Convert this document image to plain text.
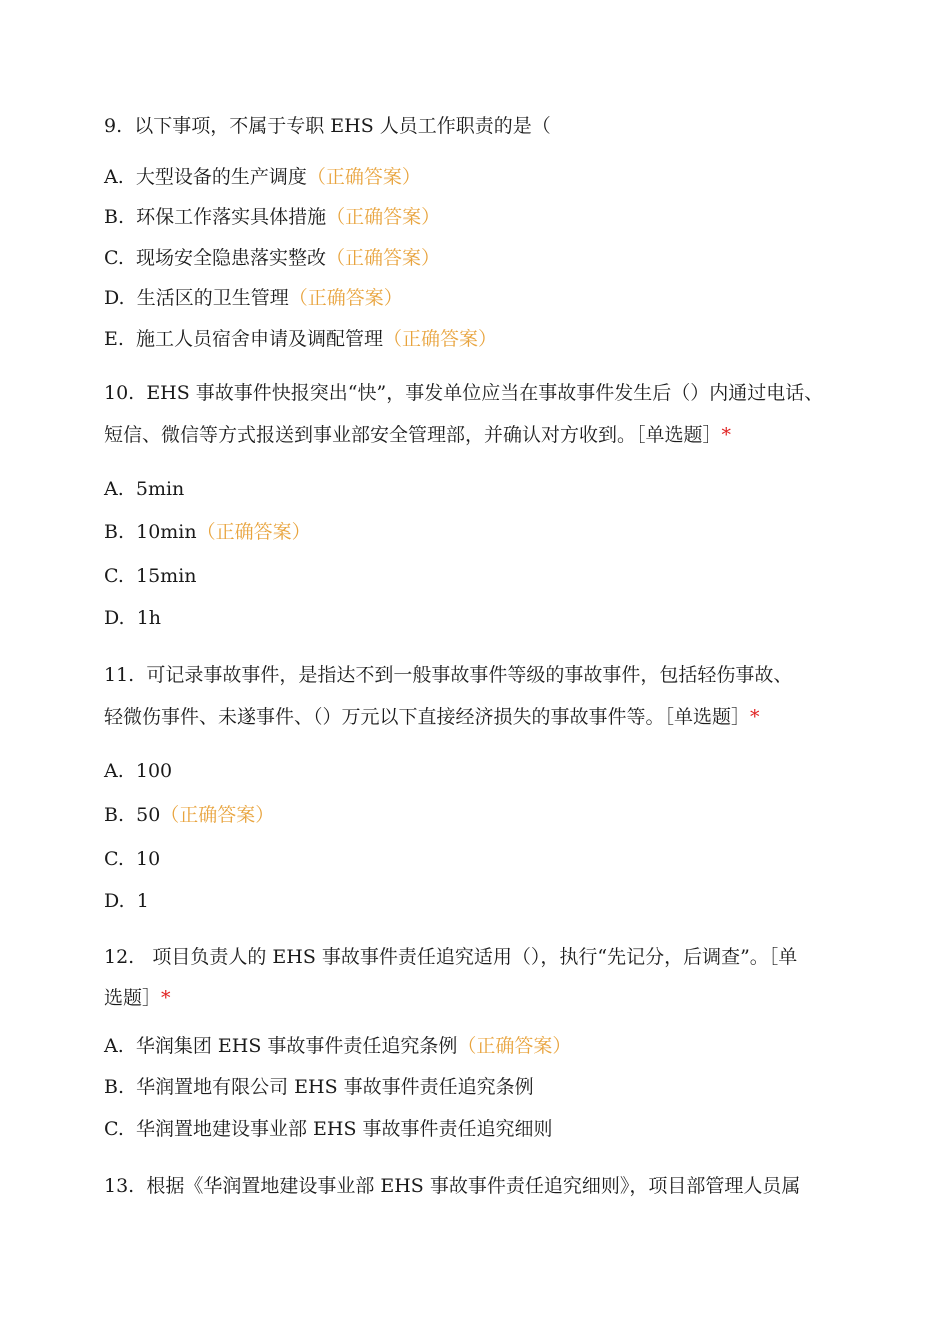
9. 以下事项，不属于专职 EHS 人员工作职责的是（
A. 大型设备的生产调度（正确答案）
B. 环保工作落实具体措施（正确答案）
C. 现场安全隐患落实整改（正确答案）
D. 生活区的卫生管理（正确答案）
E. 施工人员宿舍申请及调配管理（正确答案）
10. EHS 事故事件快报突出“快”，事发单位应当在事故事件发生后（）内通过电话、
短信、微信等方式报送到事业部安全管理部，并确认对方收到。［单选题］*
A. 5min
B. 10min（正确答案）
C. 15min
D. 1h
11. 可记录事故事件，是指达不到一般事故事件等级的事故事件，包括轻伤事故、
轻微伤事件、未遂事件、（）万元以下直接经济损失的事故事件等。［单选题］*
A. 100
B. 50（正确答案）
C. 10
D. 1
12. 项目负责人的 EHS 事故事件责任追究适用（），执行“先记分，后调查”。［单
选题］*
A. 华润集团 EHS 事故事件责任追究条例（正确答案）
B. 华润置地有限公司 EHS 事故事件责任追究条例
C. 华润置地建设事业部 EHS 事故事件责任追究细则
13. 根据《华润置地建设事业部 EHS 事故事件责任追究细则》，项目部管理人员属
